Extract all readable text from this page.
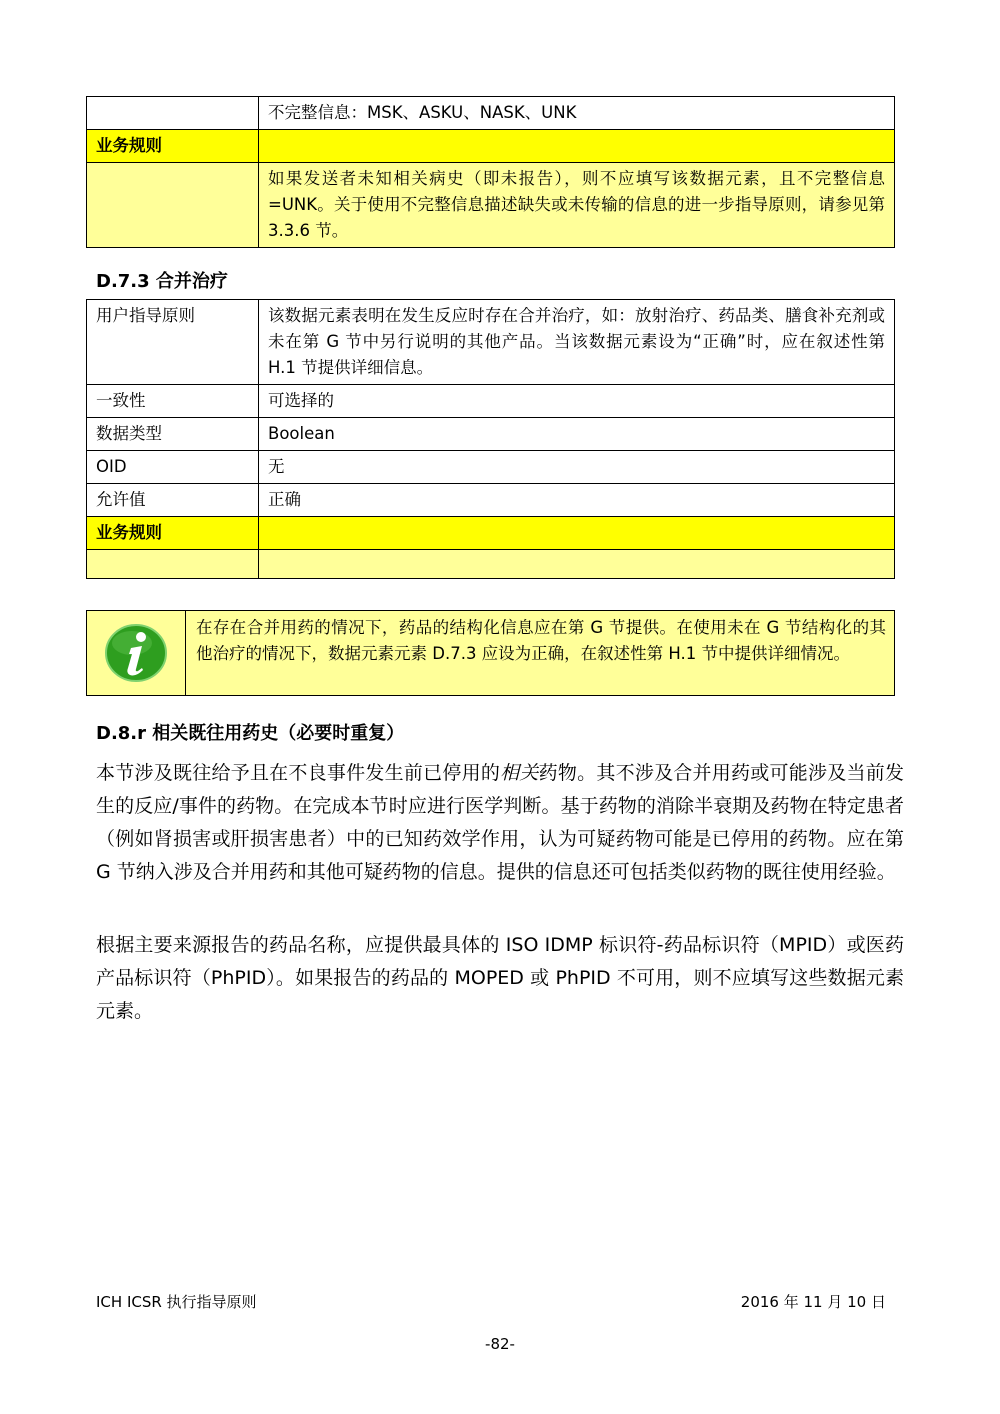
	不完整信息：MSK、ASKU、NASK、UNK
业务规则	
	如果发送者未知相关病史（即未报告），则不应填写该数据元素，且不完整信息=UNK。关于使用不完整信息描述缺失或未传输的信息的进一步指导原则，请参见第 3.3.6 节。
D.7.3 合并治疗
用户指导原则	该数据元素表明在发生反应时存在合并治疗，如：放射治疗、药品类、膳食补充剂或未在第 G 节中另行说明的其他产品。当该数据元素设为“正确”时，应在叙述性第 H.1 节提供详细信息。
一致性	可选择的
数据类型	Boolean
OID	无
允许值	正确
业务规则	

在存在合并用药的情况下，药品的结构化信息应在第 G 节提供。在使用未在 G 节结构化的其他治疗的情况下，数据元素元素 D.7.3 应设为正确，在叙述性第 H.1 节中提供详细情况。
D.8.r 相关既往用药史（必要时重复）
本节涉及既往给予且在不良事件发生前已停用的相关药物。其不涉及合并用药或可能涉及当前发生的反应/事件的药物。在完成本节时应进行医学判断。基于药物的消除半衰期及药物在特定患者（例如肾损害或肝损害患者）中的已知药效学作用，认为可疑药物可能是已停用的药物。应在第 G 节纳入涉及合并用药和其他可疑药物的信息。提供的信息还可包括类似药物的既往使用经验。
根据主要来源报告的药品名称，应提供最具体的 ISO IDMP 标识符-药品标识符（MPID）或医药产品标识符（PhPID）。如果报告的药品的 MOPED 或 PhPID 不可用，则不应填写这些数据元素元素。
ICH ICSR 执行指导原则	2016 年 11 月 10 日
-82-
